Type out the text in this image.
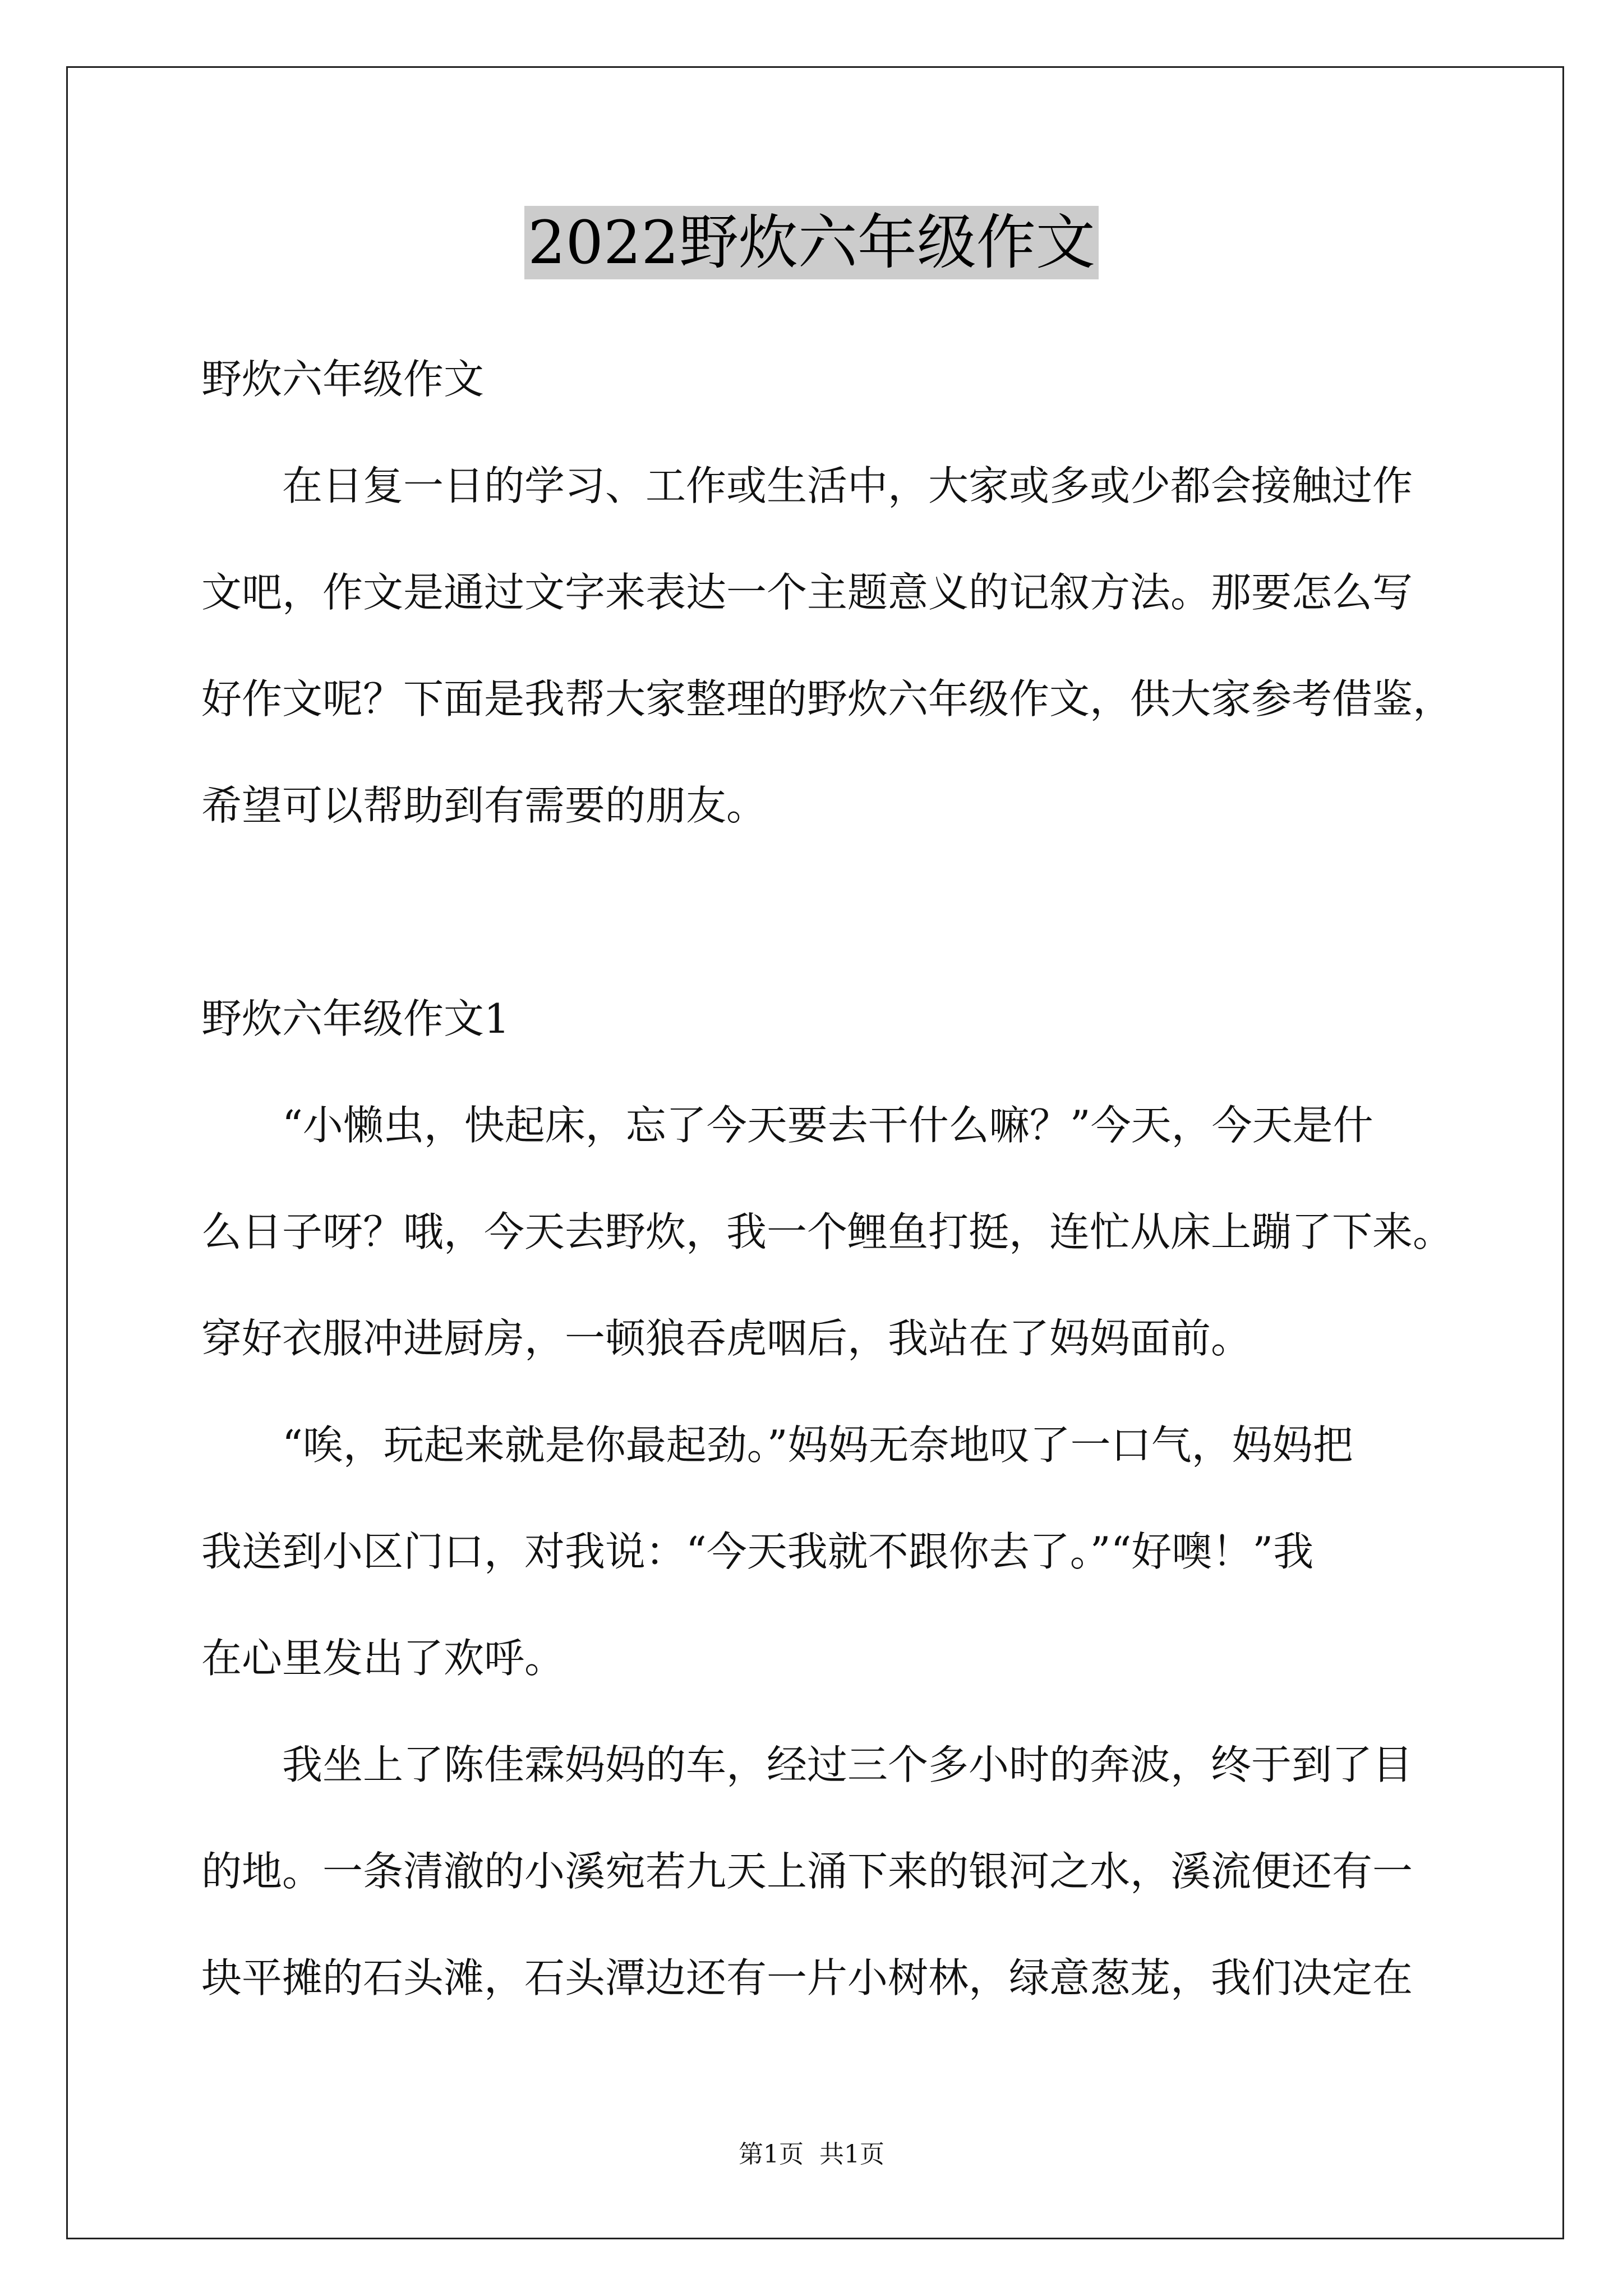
2022野炊六年级作文
野炊六年级作文
在日复一日的学习、工作或生活中，大家或多或少都会接触过作
文吧，作文是通过文字来表达一个主题意义的记叙方法。那要怎么写
好作文呢？下面是我帮大家整理的野炊六年级作文，供大家参考借鉴，
希望可以帮助到有需要的朋友。
野炊六年级作文1
“小懒虫，快起床，忘了今天要去干什么嘛？”今天，今天是什
么日子呀？哦，今天去野炊，我一个鲤鱼打挺，连忙从床上蹦了下来。
穿好衣服冲进厨房，一顿狼吞虎咽后，我站在了妈妈面前。
“唉，玩起来就是你最起劲。”妈妈无奈地叹了一口气，妈妈把
我送到小区门口，对我说：“今天我就不跟你去了。”“好噢！”我
在心里发出了欢呼。
我坐上了陈佳霖妈妈的车，经过三个多小时的奔波，终于到了目
的地。一条清澈的小溪宛若九天上涌下来的银河之水，溪流便还有一
块平摊的石头滩，石头潭边还有一片小树林，绿意葱茏，我们决定在
第1页  共1页
